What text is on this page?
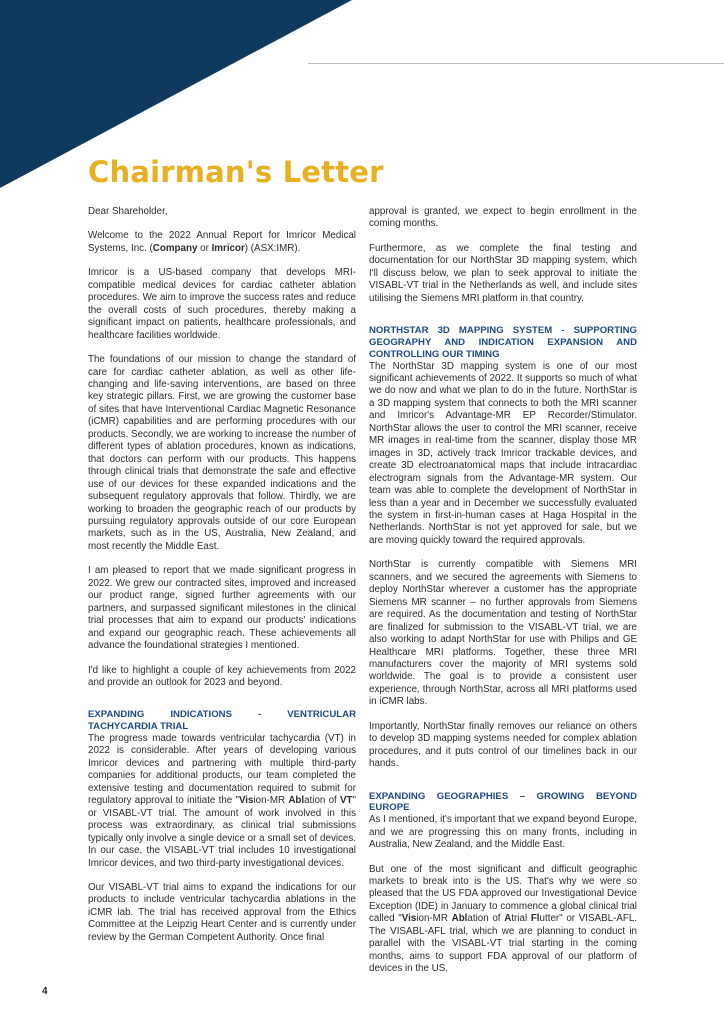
Chairman's Letter

Dear Shareholder,

Welcome to the 2022 Annual Report for Imricor Medical Systems, Inc. (Company or Imricor) (ASX:IMR).

Imricor is a US-based company that develops MRI-compatible medical devices for cardiac catheter ablation procedures. We aim to improve the success rates and reduce the overall costs of such procedures, thereby making a significant impact on patients, healthcare professionals, and healthcare facilities worldwide.

The foundations of our mission to change the standard of care for cardiac catheter ablation, as well as other life-changing and life-saving interventions, are based on three key strategic pillars. First, we are growing the customer base of sites that have Interventional Cardiac Magnetic Resonance (iCMR) capabilities and are performing procedures with our products. Secondly, we are working to increase the number of different types of ablation procedures, known as indications, that doctors can perform with our products. This happens through clinical trials that demonstrate the safe and effective use of our devices for these expanded indications and the subsequent regulatory approvals that follow. Thirdly, we are working to broaden the geographic reach of our products by pursuing regulatory approvals outside of our core European markets, such as in the US, Australia, New Zealand, and most recently the Middle East.

I am pleased to report that we made significant progress in 2022. We grew our contracted sites, improved and increased our product range, signed further agreements with our partners, and surpassed significant milestones in the clinical trial processes that aim to expand our products' indications and expand our geographic reach. These achievements all advance the foundational strategies I mentioned.

I'd like to highlight a couple of key achievements from 2022 and provide an outlook for 2023 and beyond.

EXPANDING INDICATIONS - VENTRICULAR TACHYCARDIA TRIAL

The progress made towards ventricular tachycardia (VT) in 2022 is considerable. After years of developing various Imricor devices and partnering with multiple third-party companies for additional products, our team completed the extensive testing and documentation required to submit for regulatory approval to initiate the "Vision-MR Ablation of VT" or VISABL-VT trial. The amount of work involved in this process was extraordinary, as clinical trial submissions typically only involve a single device or a small set of devices. In our case, the VISABL-VT trial includes 10 investigational Imricor devices, and two third-party investigational devices.

Our VISABL-VT trial aims to expand the indications for our products to include ventricular tachycardia ablations in the iCMR lab. The trial has received approval from the Ethics Committee at the Leipzig Heart Center and is currently under review by the German Competent Authority. Once final

approval is granted, we expect to begin enrollment in the coming months.

Furthermore, as we complete the final testing and documentation for our NorthStar 3D mapping system, which I'll discuss below, we plan to seek approval to initiate the VISABL-VT trial in the Netherlands as well, and include sites utilising the Siemens MRI platform in that country.

NORTHSTAR 3D MAPPING SYSTEM - SUPPORTING GEOGRAPHY AND INDICATION EXPANSION AND CONTROLLING OUR TIMING

The NorthStar 3D mapping system is one of our most significant achievements of 2022. It supports so much of what we do now and what we plan to do in the future. NorthStar is a 3D mapping system that connects to both the MRI scanner and Imricor's Advantage-MR EP Recorder/Stimulator. NorthStar allows the user to control the MRI scanner, receive MR images in real-time from the scanner, display those MR images in 3D, actively track Imricor trackable devices, and create 3D electroanatomical maps that include intracardiac electrogram signals from the Advantage-MR system. Our team was able to complete the development of NorthStar in less than a year and in December we successfully evaluated the system in first-in-human cases at Haga Hospital in the Netherlands. NorthStar is not yet approved for sale, but we are moving quickly toward the required approvals.

NorthStar is currently compatible with Siemens MRI scanners, and we secured the agreements with Siemens to deploy NorthStar wherever a customer has the appropriate Siemens MR scanner – no further approvals from Siemens are required. As the documentation and testing of NorthStar are finalized for submission to the VISABL-VT trial, we are also working to adapt NorthStar for use with Philips and GE Healthcare MRI platforms. Together, these three MRI manufacturers cover the majority of MRI systems sold worldwide. The goal is to provide a consistent user experience, through NorthStar, across all MRI platforms used in iCMR labs.

Importantly, NorthStar finally removes our reliance on others to develop 3D mapping systems needed for complex ablation procedures, and it puts control of our timelines back in our hands.

EXPANDING GEOGRAPHIES – GROWING BEYOND EUROPE

As I mentioned, it's important that we expand beyond Europe, and we are progressing this on many fronts, including in Australia, New Zealand, and the Middle East.

But one of the most significant and difficult geographic markets to break into is the US. That's why we were so pleased that the US FDA approved our Investigational Device Exception (IDE) in January to commence a global clinical trial called "Vision-MR Ablation of Atrial Flutter" or VISABL-AFL. The VISABL-AFL trial, which we are planning to conduct in parallel with the VISABL-VT trial starting in the coming months, aims to support FDA approval of our platform of devices in the US.

4
